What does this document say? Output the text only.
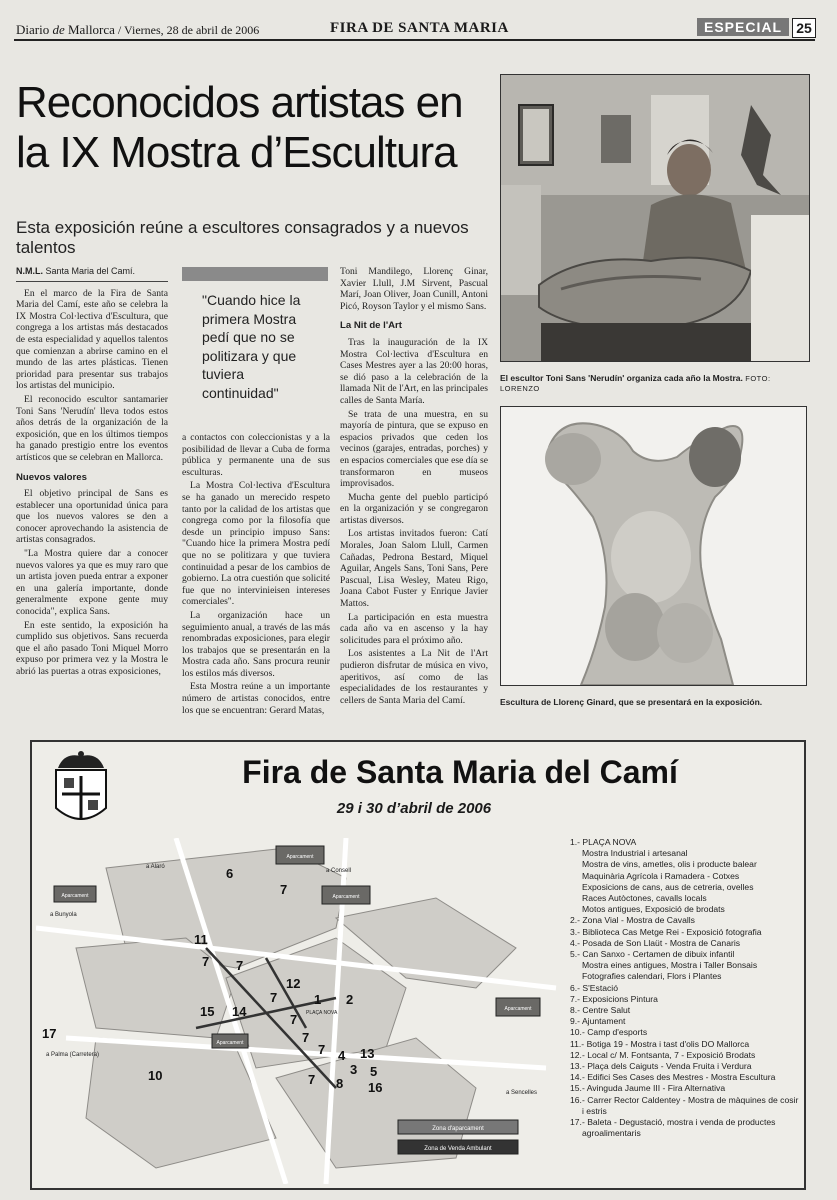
Diario de Mallorca / Viernes, 28 de abril de 2006	FIRA DE SANTA MARIA	ESPECIAL	25
Reconocidos artistas en
la IX Mostra d’Escultura
Esta exposición reúne a escultores consagrados y a nuevos talentos
N.M.L. Santa Maria del Camí.

En el marco de la Fira de Santa Maria del Camí, este año se celebra la IX Mostra Col·lectiva d'Escultura, que congrega a los artistas más destacados de esta especialidad y aquellos talentos que comienzan a abrirse camino en el mundo de las artes plásticas. Tienen prioridad para presentar sus trabajos los artistas del municipio.

El reconocido escultor santamarier Toni Sans 'Nerudín' lleva todos estos años detrás de la organización de la exposición, que en los últimos tiempos ha ganado prestigio entre los eventos artísticos que se celebran en Mallorca.

Nuevos valores

El objetivo principal de Sans es establecer una oportunidad única para que los nuevos valores se den a conocer aprovechando la asistencia de artistas consagrados.

"La Mostra quiere dar a conocer nuevos valores ya que es muy raro que un artista joven pueda entrar a exponer en una galería importante, donde generalmente expone gente muy conocida", explica Sans.

En este sentido, la exposición ha cumplido sus objetivos. Sans recuerda que el año pasado Toni Miquel Morro expuso por primera vez y la Mostra le abrió las puertas a otras exposiciones,

"Cuando hice la primera Mostra pedí que no se politizara y que tuviera continuidad"

a contactos con coleccionistas y a la posibilidad de llevar a Cuba de forma pública y permanente una de sus esculturas.

La Mostra Col·lectiva d'Escultura se ha ganado un merecido respeto tanto por la calidad de los artistas que congrega como por la filosofía que desde un principio impuso Sans: "Cuando hice la primera Mostra pedí que no se politizara y que tuviera continuidad a pesar de los cambios de gobierno. La otra cuestión que solicité fue que no intervinieisen intereses comerciales".

La organización hace un seguimiento anual, a través de las más renombradas exposiciones, para elegir los trabajos que se presentarán en la Mostra cada año. Sans procura reunir los estilos más diversos.

Esta Mostra reúne a un importante número de artistas conocidos, entre los que se encuentran: Gerard Matas,

Toni Mandilego, Llorenç Ginar, Xavier Llull, J.M Sirvent, Pascual Marí, Joan Oliver, Joan Cunill, Antoni Picó, Royson Taylor y el mismo Sans.

La Nit de l'Art

Tras la inauguración de la IX Mostra Col·lectiva d'Escultura en Cases Mestres ayer a las 20:00 horas, se dió paso a la celebración de la llamada Nit de l'Art, en las principales calles de Santa María.

Se trata de una muestra, en su mayoría de pintura, que se expuso en espacios privados que ceden los vecinos (garajes, entradas, porches) y en espacios comerciales que ese día se transformaron en museos improvisados.

Mucha gente del pueblo participó en la organización y se congregaron artistas diversos.

Los artistas invitados fueron: Catí Morales, Joan Salom Llull, Carmen Cañadas, Pedrona Bestard, Miquel Aguilar, Angels Sans, Toni Sans, Pere Pascual, Lisa Wesley, Mateu Rigo, Joana Cabot Fuster y Enrique Javier Mattos.

La participación en esta muestra cada año va en ascenso y la hay solicitudes para el próximo año.

Los asistentes a La Nit de l'Art pudieron disfrutar de música en vivo, aperitivos, así como de las especialidades de los restaurantes y cellers de Santa Maria del Camí.

El escultor Toni Sans 'Nerudín' organiza cada año la Mostra. FOTO: LORENZO
Escultura de Llorenç Ginard, que se presentará en la exposición.
Fira de Santa Maria del Camí
29 i 30 d’abril de 2006
Aparcament
Aparcament	Aparcament
Aparcament
Aparcament
a Consell
a Bunyola
a Alaró
a Palma (Carretera)
a Sencelles
PLAÇA NOVA
6
7
11
7 7
7
12
1 2
15 14
7
7
7
17
4
3
13
5
16
7
10
8
Zona d'aparcament
Zona de Venda Ambulant
1.- PLAÇA NOVA
Mostra Industrial i artesanal
Mostra de vins, ametles, olis i producte balear
Maquinària Agrícola i Ramadera - Cotxes
Exposicions de cans, aus de cetreria, ovelles
Races Autòctones, cavalls locals
Motos antigues, Exposició de brodats
2.- Zona Vial - Mostra de Cavalls
3.- Biblioteca Cas Metge Rei - Exposició fotografia
4.- Posada de Son Llaüt - Mostra de Canaris
5.- Can Sanxo - Certamen de dibuix infantil
Mostra eines antigues, Mostra i Taller Bonsais
Fotografies calendari, Flors i Plantes
6.- S'Estació
7.- Exposicions Pintura
8.- Centre Salut
9.- Ajuntament
10.- Camp d'esports
11.- Botiga 19 - Mostra i tast d'olis DO Mallorca
12.- Local c/ M. Fontsanta, 7 - Exposició Brodats
13.- Plaça dels Caiguts - Venda Fruita i Verdura
14.- Edifici Ses Cases des Mestres - Mostra Escultura
15.- Avinguda Jaume III - Fira Alternativa
16.- Carrer Rector Caldentey - Mostra de màquines de cosir i estris
17.- Baleta - Degustació, mostra i venda de productes agroalimentaris
